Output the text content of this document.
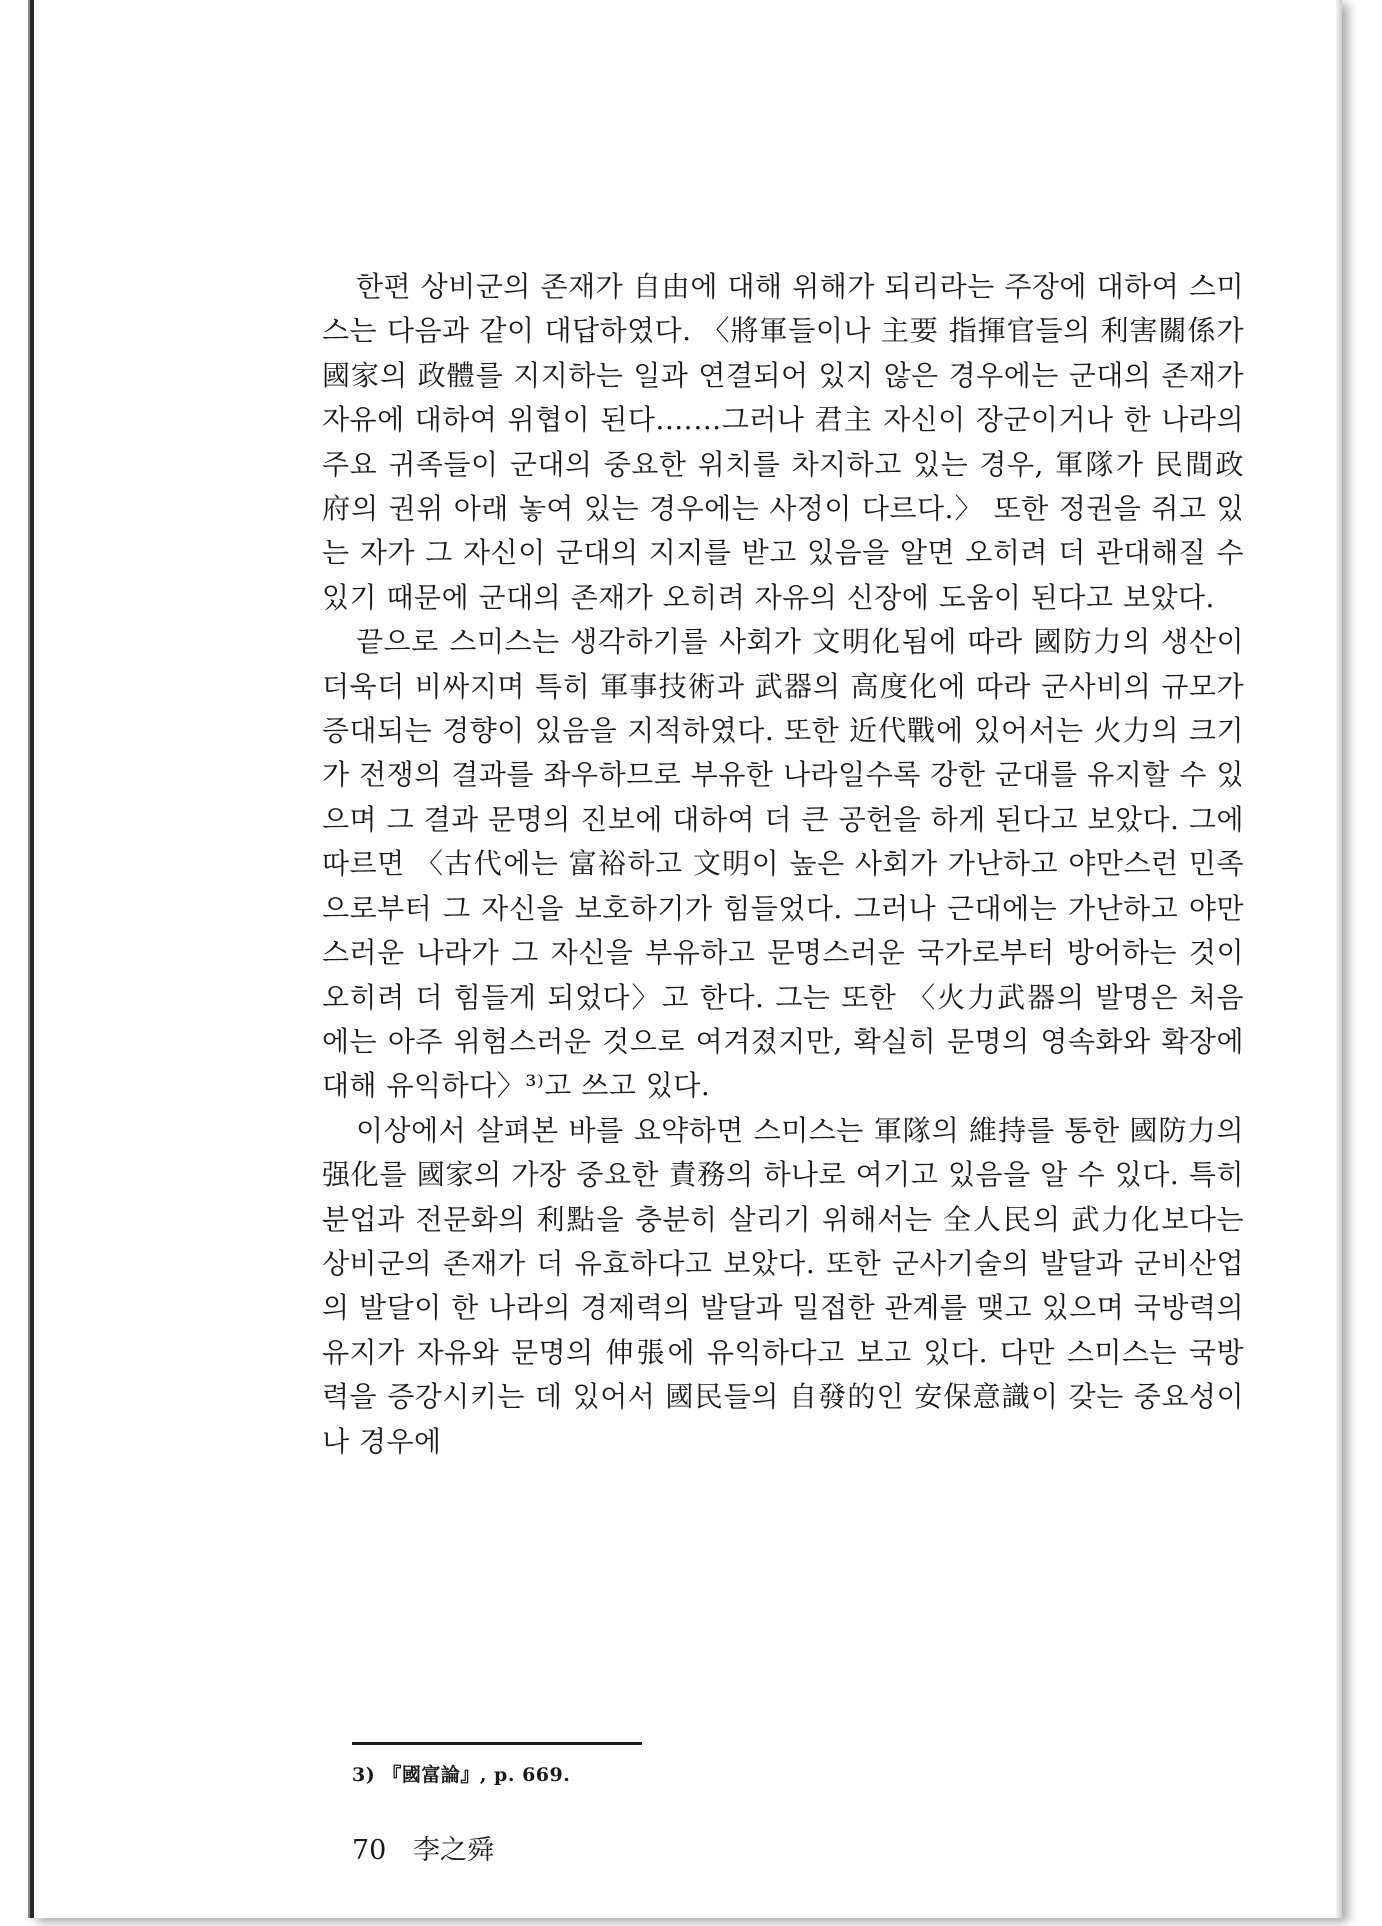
한편 상비군의 존재가 自由에 대해 위해가 되리라는 주장에 대하여 스미스는 다음과 같이 대답하였다. 〈將軍들이나 主要 指揮官들의 利害關係가 國家의 政體를 지지하는 일과 연결되어 있지 않은 경우에는 군대의 존재가 자유에 대하여 위협이 된다.……그러나 君主 자신이 장군이거나 한 나라의 주요 귀족들이 군대의 중요한 위치를 차지하고 있는 경우, 軍隊가 民間政府의 권위 아래 놓여 있는 경우에는 사정이 다르다.〉 또한 정권을 쥐고 있는 자가 그 자신이 군대의 지지를 받고 있음을 알면 오히려 더 관대해질 수 있기 때문에 군대의 존재가 오히려 자유의 신장에 도움이 된다고 보았다.

끝으로 스미스는 생각하기를 사회가 文明化됨에 따라 國防力의 생산이 더욱더 비싸지며 특히 軍事技術과 武器의 高度化에 따라 군사비의 규모가 증대되는 경향이 있음을 지적하였다. 또한 近代戰에 있어서는 火力의 크기가 전쟁의 결과를 좌우하므로 부유한 나라일수록 강한 군대를 유지할 수 있으며 그 결과 문명의 진보에 대하여 더 큰 공헌을 하게 된다고 보았다. 그에 따르면 〈古代에는 富裕하고 文明이 높은 사회가 가난하고 야만스런 민족으로부터 그 자신을 보호하기가 힘들었다. 그러나 근대에는 가난하고 야만스러운 나라가 그 자신을 부유하고 문명스러운 국가로부터 방어하는 것이 오히려 더 힘들게 되었다〉고 한다. 그는 또한 〈火力武器의 발명은 처음에는 아주 위험스러운 것으로 여겨졌지만, 확실히 문명의 영속화와 확장에 대해 유익하다〉³⁾고 쓰고 있다.

이상에서 살펴본 바를 요약하면 스미스는 軍隊의 維持를 통한 國防力의 强化를 國家의 가장 중요한 責務의 하나로 여기고 있음을 알 수 있다. 특히 분업과 전문화의 利點을 충분히 살리기 위해서는 全人民의 武力化보다는 상비군의 존재가 더 유효하다고 보았다. 또한 군사기술의 발달과 군비산업의 발달이 한 나라의 경제력의 발달과 밀접한 관계를 맺고 있으며 국방력의 유지가 자유와 문명의 伸張에 유익하다고 보고 있다. 다만 스미스는 국방력을 증강시키는 데 있어서 國民들의 自發的인 安保意識이 갖는 중요성이나 경우에

3) 『國富論』, p. 669.
70 李之舜
